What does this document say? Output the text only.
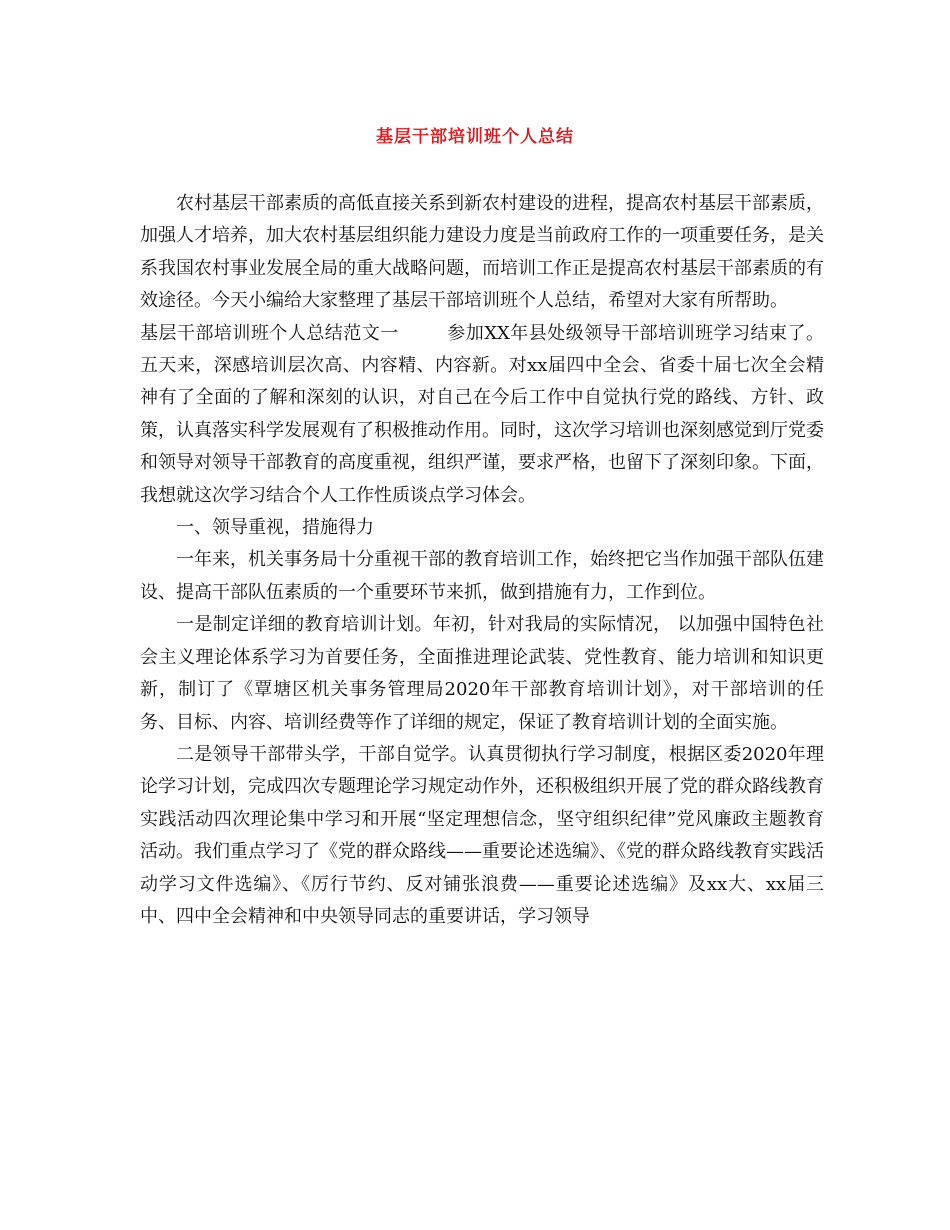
基层干部培训班个人总结

农村基层干部素质的高低直接关系到新农村建设的进程，提高农村基层干部素质，加强人才培养，加大农村基层组织能力建设力度是当前政府工作的一项重要任务，是关系我国农村事业发展全局的重大战略问题，而培训工作正是提高农村基层干部素质的有效途径。今天小编给大家整理了基层干部培训班个人总结，希望对大家有所帮助。

基层干部培训班个人总结范文一	参加XX年县处级领导干部培训班学习结束了。五天来，深感培训层次高、内容精、内容新。对xx届四中全会、省委十届七次全会精神有了全面的了解和深刻的认识，对自己在今后工作中自觉执行党的路线、方针、政策，认真落实科学发展观有了积极推动作用。同时，这次学习培训也深刻感觉到厅党委和领导对领导干部教育的高度重视，组织严谨，要求严格，也留下了深刻印象。下面，我想就这次学习结合个人工作性质谈点学习体会。

一、领导重视，措施得力

一年来，机关事务局十分重视干部的教育培训工作，始终把它当作加强干部队伍建设、提高干部队伍素质的一个重要环节来抓，做到措施有力，工作到位。

一是制定详细的教育培训计划。年初，针对我局的实际情况， 以加强中国特色社会主义理论体系学习为首要任务，全面推进理论武装、党性教育、能力培训和知识更新，制订了《覃塘区机关事务管理局2020年干部教育培训计划》，对干部培训的任务、目标、内容、培训经费等作了详细的规定，保证了教育培训计划的全面实施。

二是领导干部带头学，干部自觉学。认真贯彻执行学习制度，根据区委2020年理论学习计划，完成四次专题理论学习规定动作外，还积极组织开展了党的群众路线教育实践活动四次理论集中学习和开展“坚定理想信念，坚守组织纪律”党风廉政主题教育活动。我们重点学习了《党的群众路线——重要论述选编》、《党的群众路线教育实践活动学习文件选编》、《厉行节约、反对铺张浪费——重要论述选编》及xx大、xx届三中、四中全会精神和中央领导同志的重要讲话，学习领导
